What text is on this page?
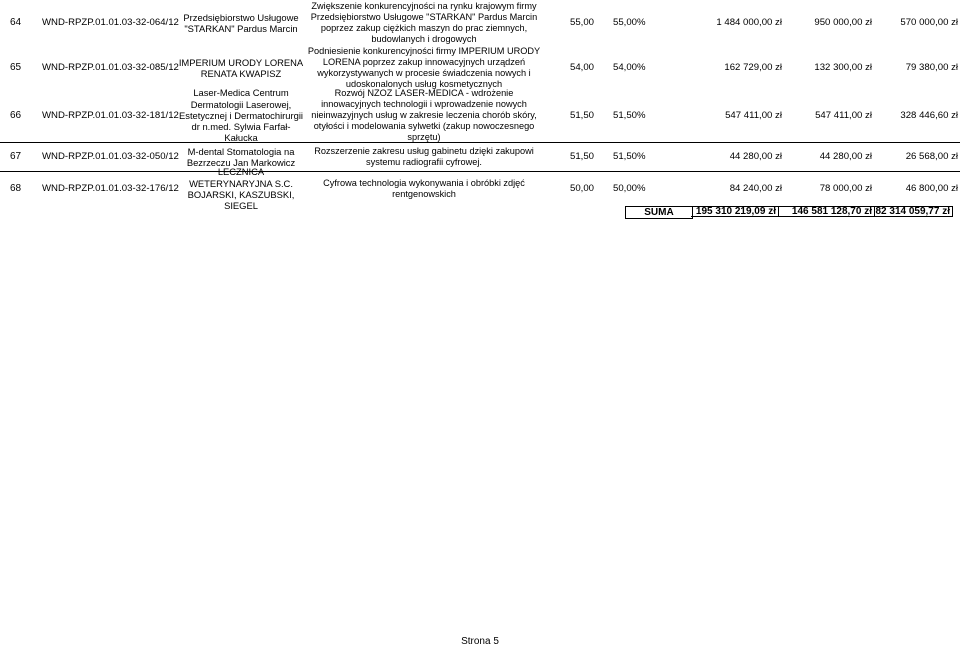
64	WND-RPZP.01.01.03-32-064/12
Przedsiębiorstwo Usługowe "STARKAN" Pardus Marcin
Zwiększenie konkurencyjności na rynku krajowym firmy Przedsiębiorstwo Usługowe "STARKAN" Pardus Marcin poprzez zakup ciężkich maszyn do prac ziemnych, budowlanych i drogowych
55,00	55,00%	1 484 000,00 zł	950 000,00 zł	570 000,00 zł
65	WND-RPZP.01.01.03-32-085/12
IMPERIUM URODY LORENA RENATA KWAPISZ
Podniesienie konkurencyjności firmy IMPERIUM URODY LORENA poprzez zakup innowacyjnych urządzeń wykorzystywanych w procesie świadczenia nowych i udoskonalonych usług kosmetycznych
54,00	54,00%	162 729,00 zł	132 300,00 zł	79 380,00 zł
66	WND-RPZP.01.01.03-32-181/12
Laser-Medica Centrum Dermatologii Laserowej, Estetycznej i Dermatochirurgii dr n.med. Sylwia Farfał-Kałucka
Rozwój NZOZ LASER-MEDICA - wdrożenie innowacyjnych technologii i wprowadzenie nowych nieinwazyjnych usług w zakresie leczenia chorób skóry, otyłości i modelowania sylwetki (zakup nowoczesnego sprzętu)
51,50	51,50%	547 411,00 zł	547 411,00 zł	328 446,60 zł
67	WND-RPZP.01.01.03-32-050/12
M-dental Stomatologia na Bezrzeczu Jan Markowicz
Rozszerzenie zakresu usług gabinetu dzięki zakupowi systemu radiografii cyfrowej.	51,50	51,50%	44 280,00 zł	44 280,00 zł	26 568,00 zł
68	WND-RPZP.01.01.03-32-176/12
LECZNICA WETERYNARYJNA S.C. BOJARSKI, KASZUBSKI, SIEGEL
Cyfrowa technologia wykonywania i obróbki zdjęć rentgenowskich	50,00	50,00%	84 240,00 zł	78 000,00 zł	46 800,00 zł
SUMA 195 310 219,09 zł 146 581 128,70 zł 82 314 059,77 zł
Strona 5
